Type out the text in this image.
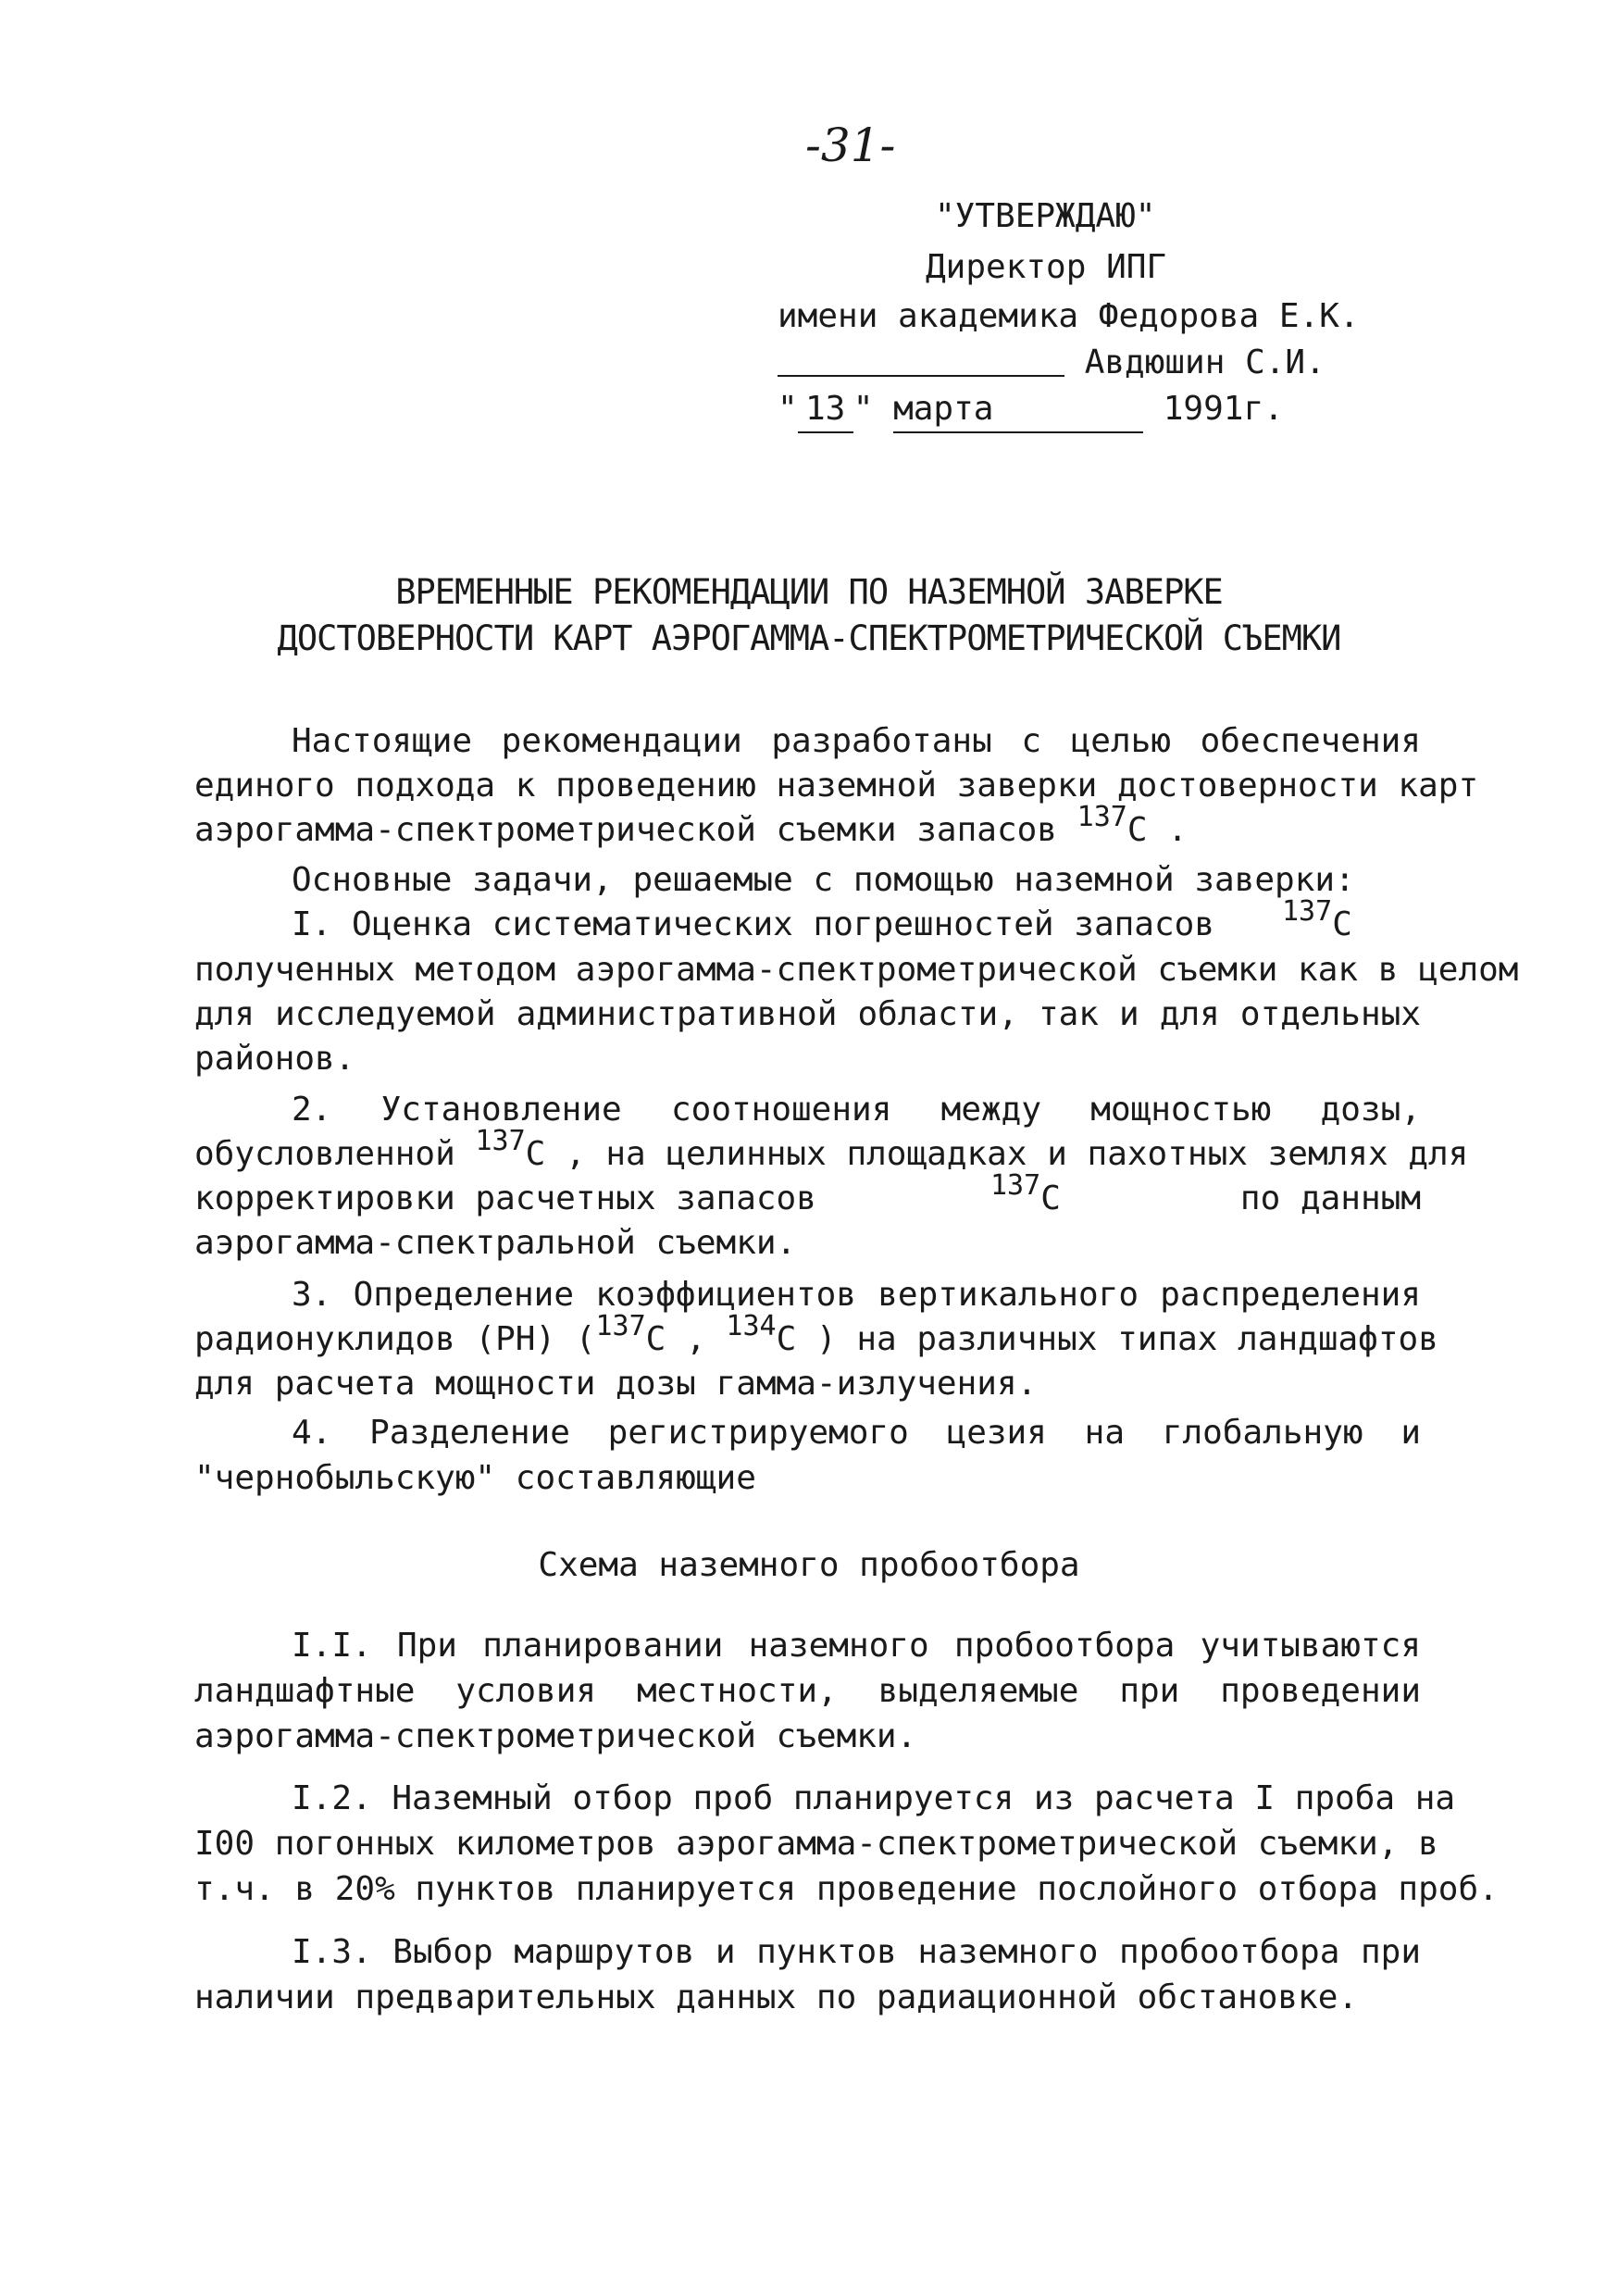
-31-
"УТВЕРЖДАЮ"
Директор ИПГ
имени академика Федорова Е.К.
Авдюшин С.И.
" 13 " марта	1991г.
ВРЕМЕННЫЕ РЕКОМЕНДАЦИИ ПО НАЗЕМНОЙ ЗАВЕРКЕ
ДОСТОВЕРНОСТИ КАРТ АЭРОГАММА-СПЕКТРОМЕТРИЧЕСКОЙ СЪЕМКИ
Настоящие рекомендации разработаны с целью обеспечения
единого подхода к проведению наземной заверки достоверности карт
аэрогамма-спектрометрической съемки запасов $^{137}$C .
Основные задачи, решаемые с помощью наземной заверки:
I. Оценка систематических погрешностей запасов $^{137}$C
полученных методом аэрогамма-спектрометрической съемки как в целом
для исследуемой административной области, так и для отдельных
районов.
2. Установление соотношения между мощностью дозы,
обусловленной $^{137}$C , на целинных площадках и пахотных землях для
корректировки расчетных запасов	$^{137}$C	по данным
аэрогамма-спектральной съемки.
3. Определение коэффициентов вертикального распределения
радионуклидов (РН) ($^{137}$C , $^{134}$C ) на различных типах ландшафтов
для расчета мощности дозы гамма-излучения.
4. Разделение регистрируемого цезия на глобальную и
"чернобыльскую" составляющие
Схема наземного пробоотбора
I.I. При планировании наземного пробоотбора учитываются
ландшафтные условия местности, выделяемые при проведении
аэрогамма-спектрометрической съемки.
I.2. Наземный отбор проб планируется из расчета I проба на
I00 погонных километров аэрогамма-спектрометрической съемки, в
т.ч. в 20% пунктов планируется проведение послойного отбора проб.
I.3. Выбор маршрутов и пунктов наземного пробоотбора при
наличии предварительных данных по радиационной обстановке.
